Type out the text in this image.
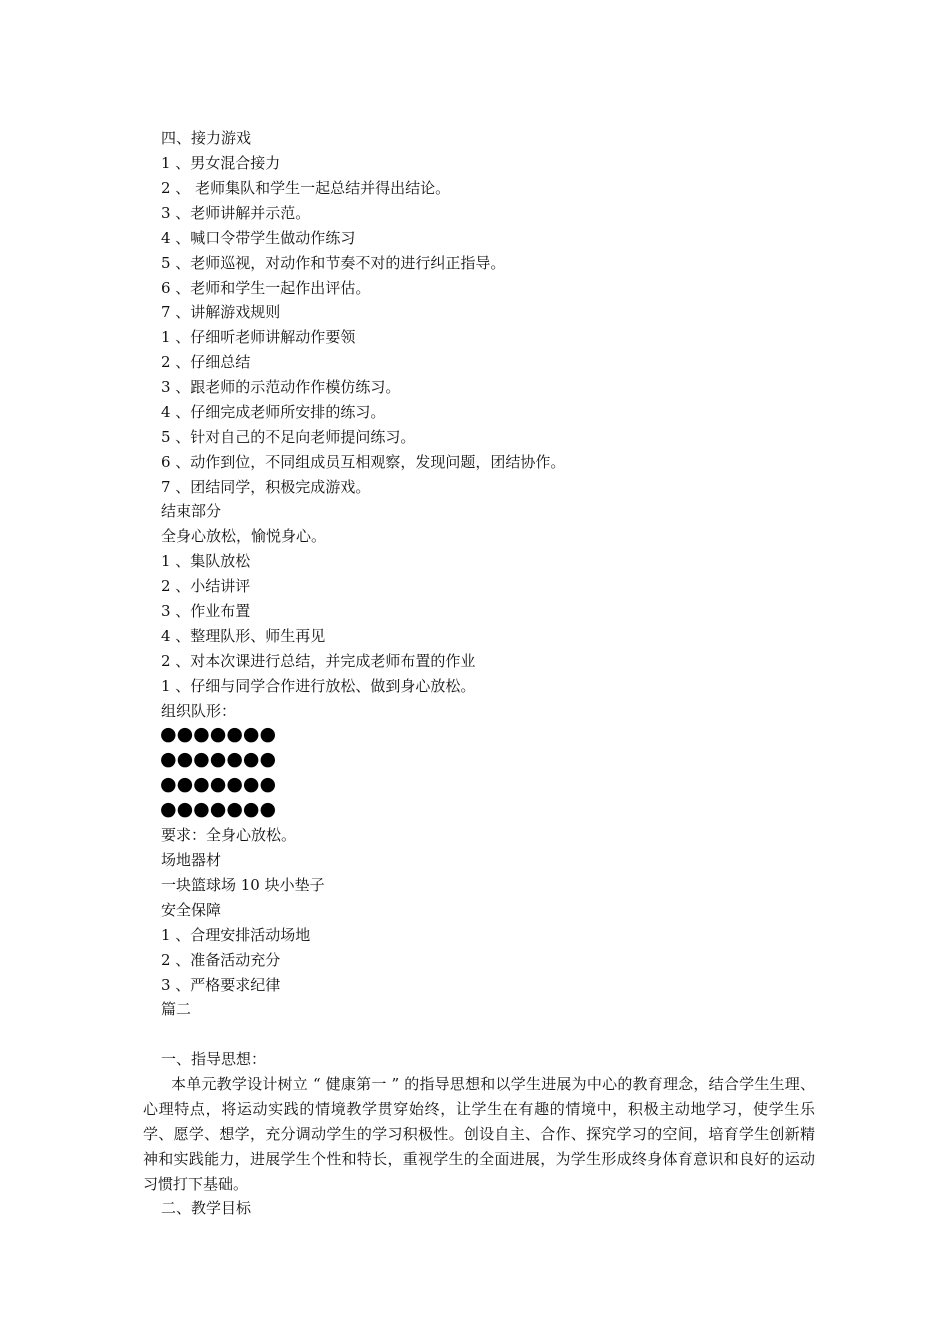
四、接力游戏
1 、男女混合接力
2 、 老师集队和学生一起总结并得出结论。
3 、老师讲解并示范。
4 、喊口令带学生做动作练习
5 、老师巡视，对动作和节奏不对的进行纠正指导。
6 、老师和学生一起作出评估。
7 、讲解游戏规则
1 、仔细听老师讲解动作要领
2 、仔细总结
3 、跟老师的示范动作作模仿练习。
4 、仔细完成老师所安排的练习。
5 、针对自己的不足向老师提问练习。
6 、动作到位，不同组成员互相观察，发现问题，团结协作。
7 、团结同学，积极完成游戏。
结束部分
全身心放松，愉悦身心。
1 、集队放松
2 、小结讲评
3 、作业布置
4 、整理队形、师生再见
2 、对本次课进行总结，并完成老师布置的作业
1 、仔细与同学合作进行放松、做到身心放松。
组织队形：
●●●●●●●
●●●●●●●
●●●●●●●
●●●●●●●
要求：全身心放松。
场地器材
一块篮球场 10 块小垫子
安全保障
1 、合理安排活动场地
2 、准备活动充分
3 、严格要求纪律
篇二
一、指导思想：
本单元教学设计树立 “ 健康第一 ” 的指导思想和以学生进展为中心的教育理念，结合学生生理、心理特点，将运动实践的情境教学贯穿始终，让学生在有趣的情境中，积极主动地学习，使学生乐学、愿学、想学，充分调动学生的学习积极性。创设自主、合作、探究学习的空间，培育学生创新精神和实践能力，进展学生个性和特长，重视学生的全面进展，为学生形成终身体育意识和良好的运动习惯打下基础。
二、教学目标
